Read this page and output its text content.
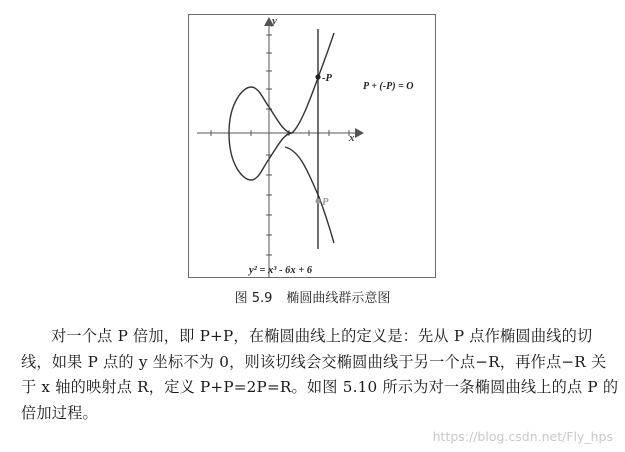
y
x
-P
P
P + (-P) = O
y² = x³ - 6x + 6
图 5.9 椭圆曲线群示意图

对一个点 P 倍加，即 P+P，在椭圆曲线上的定义是：先从 P 点作椭圆曲线的切线，如果 P 点的 y 坐标不为 0，则该切线会交椭圆曲线于另一个点−R，再作点−R 关于 x 轴的映射点 R，定义 P+P=2P=R。如图 5.10 所示为对一条椭圆曲线上的点 P 的倍加过程。

https://blog.csdn.net/Fly_hps
